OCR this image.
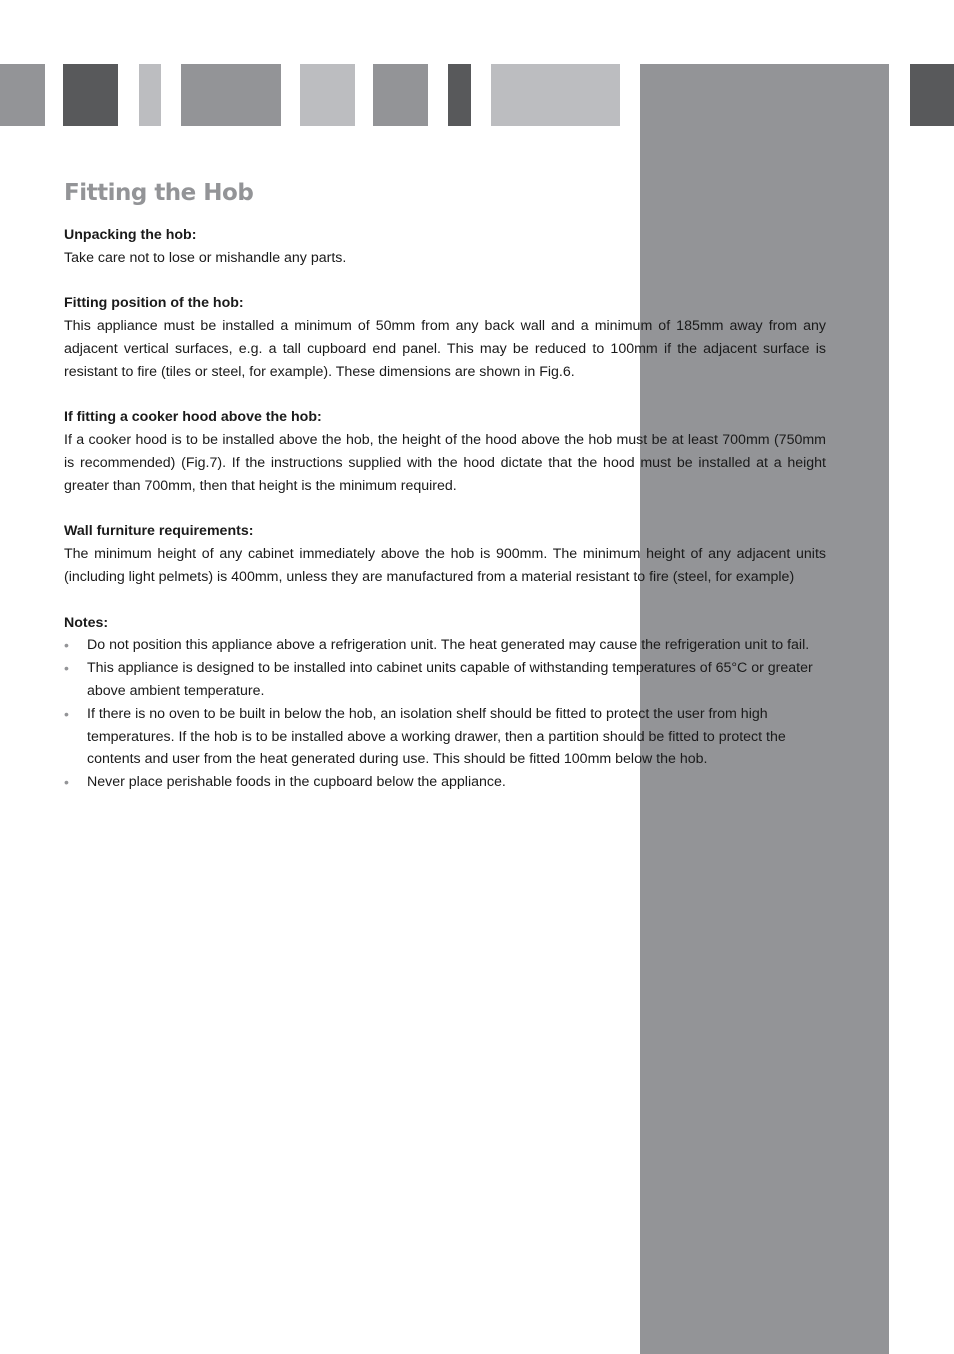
Fitting the Hob
Unpacking the hob:

Take care not to lose or mishandle any parts.

Fitting position of the hob:

This appliance must be installed a minimum of 50mm from any back wall and a minimum of 185mm away from any adjacent vertical surfaces, e.g. a tall cupboard end panel. This may be reduced to 100mm if the adjacent surface is resistant to fire (tiles or steel, for example). These dimensions are shown in Fig.6.

If fitting a cooker hood above the hob:

If a cooker hood is to be installed above the hob, the height of the hood above the hob must be at least 700mm (750mm is recommended) (Fig.7). If the instructions supplied with the hood dictate that the hood must be installed at a height greater than 700mm, then that height is the minimum required.

Wall furniture requirements:

The minimum height of any cabinet immediately above the hob is 900mm. The minimum height of any adjacent units (including light pelmets) is 400mm, unless they are manufactured from a material resistant to fire (steel, for example)

Notes:
• Do not position this appliance above a refrigeration unit. The heat generated may cause the refrigeration unit to fail.
• This appliance is designed to be installed into cabinet units capable of withstanding temperatures of 65°C or greater above ambient temperature.
• If there is no oven to be built in below the hob, an isolation shelf should be fitted to protect the user from high temperatures. If the hob is to be installed above a working drawer, then a partition should be fitted to protect the contents and user from the heat generated during use. This should be fitted 100mm below the hob.
• Never place perishable foods in the cupboard below the appliance.
